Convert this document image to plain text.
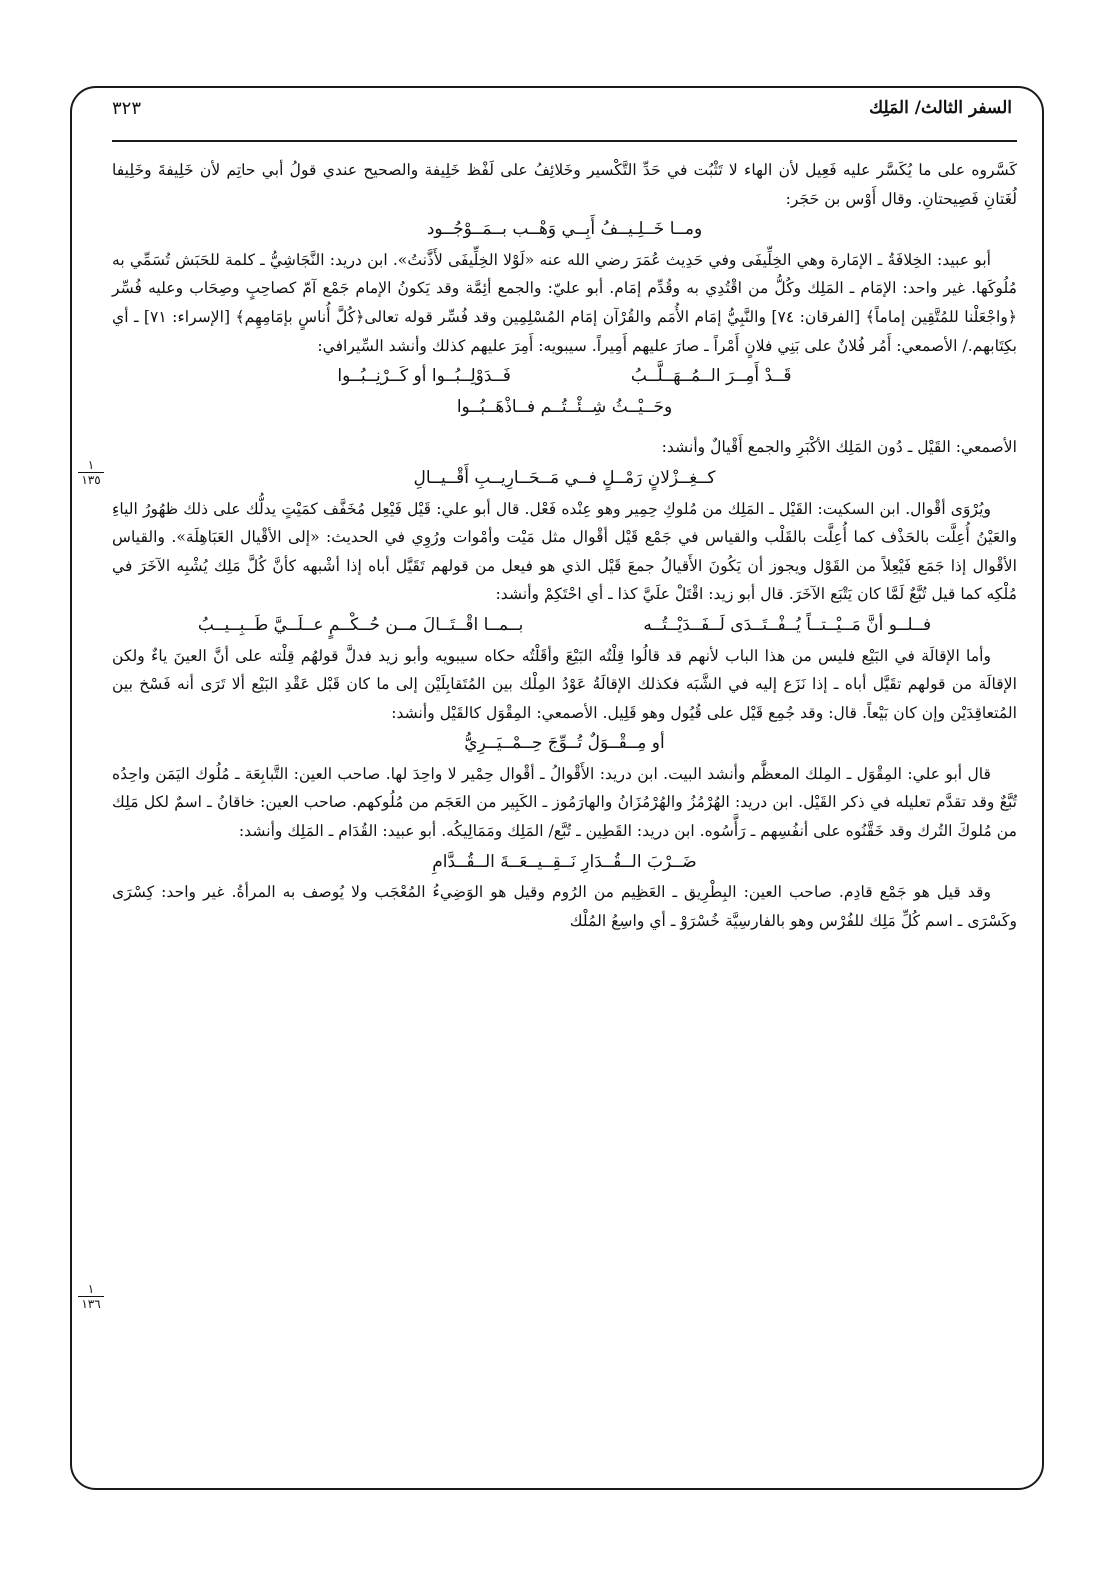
السفر الثالث/ المَلِك
٣٢٣
١
١٣٥
١
١٣٦

كَسَّروه على ما يُكَسَّر عليه فَعِيل لأن الهاء لا تَثْبُت في حَدِّ التَّكْسير وخَلائِفُ على لَفْظ خَلِيفة والصحيح عندي قولُ أبي حاتِم لأن خَلِيفةَ وخَلِيفا لُغَتانِ فَصِيحتانِ. وقال أَوْس بن حَجَر:

ومــا خَــلِـيــفُ أَبِــي وَهْــب بــمَــوْجُــود

أبو عبيد: الخِلافَةُ ـ الإمَارة وهي الخِلِّيفَى وفي حَدِيث عُمَرَ رضي الله عنه «لَوْلا الخِلِّيفَى لأَذَّنتُ». ابن دريد: النَّجَاشِيُّ ـ كلمة للحَبَش تُسَمِّي به مُلُوكَها. غير واحد: الإمَام ـ المَلِك وكُلُّ من اقْتُدِي به وقُدِّم إمَام. أبو عليّ: والجمع أئِمَّة وقد يَكونُ الإمام جَمْع آمّ كصاحِبٍ وصِحَاب وعليه فُسِّر ﴿واجْعَلْنا للمُتَّقِين إماماً﴾ [الفرقان: ٧٤] والنَّبِيُّ إمَام الأُمَم والقُرْآن إمَام المُسْلِمِين وقد فُسِّر قوله تعالى﴿كُلَّ أُناسٍ بإمَامِهِم﴾ [الإسراء: ٧١] ـ أي بكِتَابهم./ الأصمعي: أَمُر فُلانٌ على بَنِي فلانٍ أَمْراً ـ صارَ عليهم أَمِيراً. سيبويه: أَمِرَ عليهم كذلك وأنشد السِّيرافي:

قَــدْ أَمِــرَ الــمُــهَــلَّــبُ
فَــدَوْلِــبُــوا أو كَــرْنِــبُــوا
وحَــيْــثُ شِــئْــتُــم فــاذْهَــبُــوا

الأصمعي: القَيْل ـ دُون المَلِك الأكْبَرِ والجمع أَقْيالٌ وأنشد:

كــغِــزْلانٍ رَمْــلٍ فــي مَــحَــارِيــبِ أَقْــيــالِ

ويُرْوَى أقْوال. ابن السكيت: القَيْل ـ المَلِك من مُلوكِ حِمِير وهو عِنْده فَعْل. قال أبو علي: قَيْل فَيْعِل مُخَفَّف كمَيْتٍ يدلُّك على ذلك ظهُورُ الياءِ والعَيْنُ أُعِلَّت بالحَذْف كما أُعِلَّت بالقَلْب والقياس في جَمْع قَيْل أقْوال مثل مَيْت وأمْوات ورُوِي في الحديث: «إلى الأقْيال العَبَاهِلَة». والقياس الأقْوال إذا جَمَع فَيْعِلاً من القَوْل ويجوز أن يَكُونَ الأَقيالُ جمعَ قَيْل الذي هو فيعل من قولهم تَقَيَّل أباه إذا أشْبهه كأنَّ كُلَّ مَلِك يُشْبِه الآخَرَ في مُلْكِه كما قيل تُبَّعٌ لَمَّا كان يَتْبَع الآخَرَ. قال أبو زيد: اقْتَلْ علَيَّ كذا ـ أي احْتَكِمْ وأنشد:

فــلــو أنَّ مَــيْــتــاً يُــفْــتَــدَى لَــفَــدَيْــتُــه
بــمــا اقْــتَــالَ مــن حُــكْــمٍ عــلَــيَّ طَــبِــيــبُ

وأما الإقالَة في البَيْع فليس من هذا الباب لأنهم قد قالُوا قِلْتُه البَيْعَ وأقَلْتُه حكاه سيبويه وأبو زيد فدلَّ قولهُم قِلْته على أنَّ العينَ ياءٌ ولكن الإقالَة من قولهم تقَيَّل أباه ـ إذا نَزَع إليه في الشَّبَه فكذلك الإقالَةُ عَوْدُ المِلْك بين المُتَقابِلَيْن إلى ما كان قَبْل عَقْدِ البَيْع ألا تَرَى أنه فَسْخ بين المُتعاقِدَيْن وإن كان بَيْعاً. قال: وقد جُمِع قَيْل على قُيُول وهو قَلِيل. الأصمعي: المِقْوَل كالقَيْل وأنشد:

أو مِــقْــوَلٌ تُــوِّجَ حِــمْــيَــرِيُّ

قال أبو علي: المِقْوَل ـ المِلك المعظَّم وأنشد البيت. ابن دريد: الأَقْوالُ ـ أقْوال حِمْير لا واحِدَ لها. صاحب العين: التَّبابِعَة ـ مُلُوك اليَمَن واحِدُه تُبَّعٌ وقد تقدَّم تعليله في ذكر القَيْل. ابن دريد: الهُرْمُزُ والهُرْمُزَانُ والهارَمُوز ـ الكَبِير من العَجَم من مُلُوكهم. صاحب العين: خاقانُ ـ اسمٌ لكل مَلِك من مُلوكَ التُرك وقد خَقَّنُوه على أنفُسِهم ـ رَأَّسُوه. ابن دريد: القَطِين ـ تُبَّع/ المَلِك ومَمَالِيكُه. أبو عبيد: القُدَام ـ المَلِك وأنشد:

ضَــرْبَ الــقُــدَارِ نَــقِــيــعَــةَ الــقُــدَّامِ

وقد قيل هو جَمْع قادِم. صاحب العين: البِطْرِيق ـ العَظِيم من الرُوم وقيل هو الوَضِيءُ المُعْجَب ولا يُوصف به المرأةُ. غير واحد: كِسْرَى وكَسْرَى ـ اسم كُلِّ مَلِك للفُرْس وهو بالفارسِيَّة خُسْرَوْ ـ أي واسِعُ المُلْك
